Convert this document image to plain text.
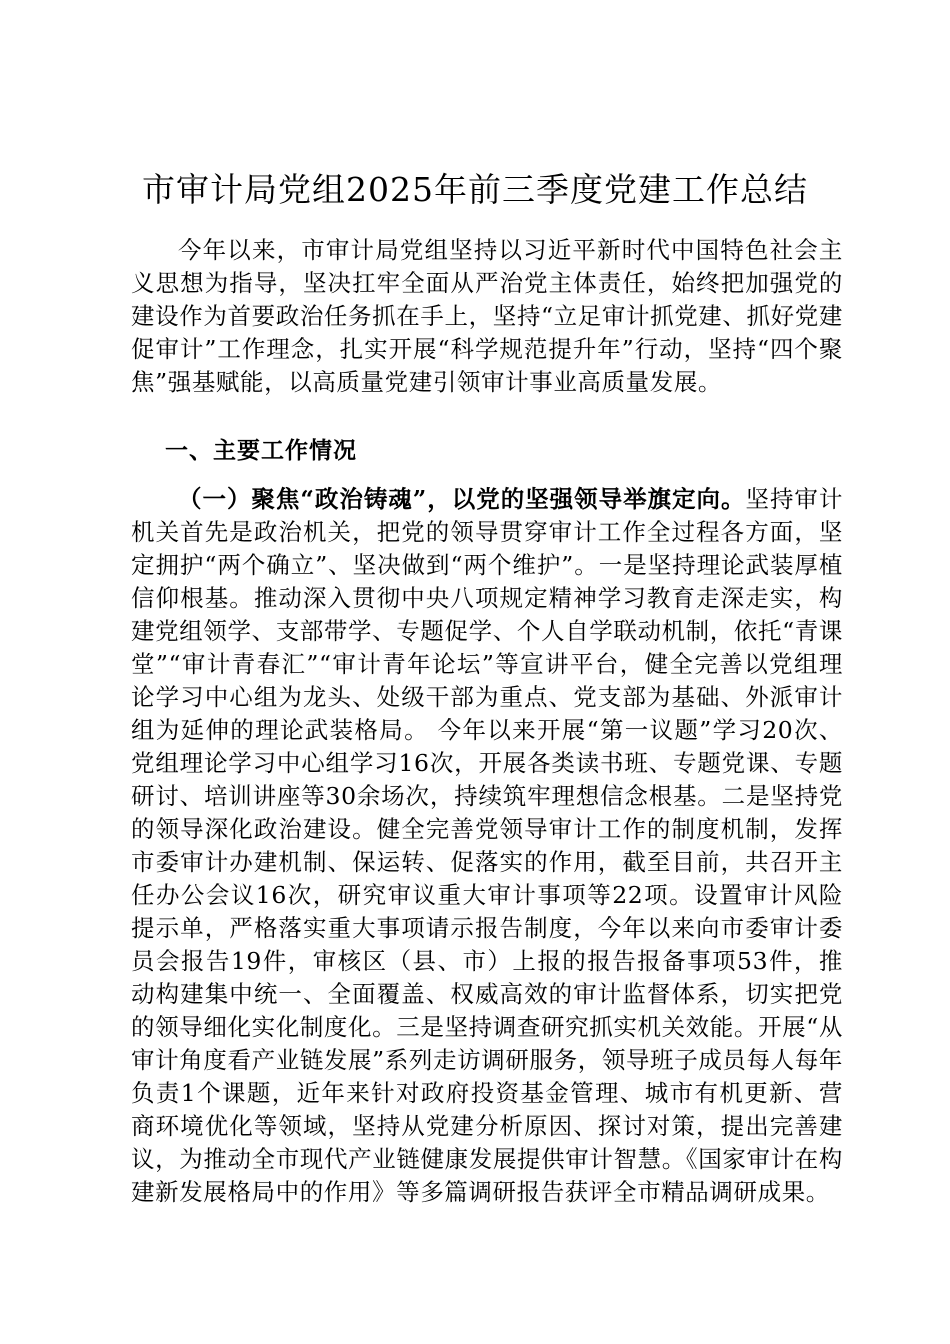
市审计局党组2025年前三季度党建工作总结

今年以来，市审计局党组坚持以习近平新时代中国特色社会主义思想为指导，坚决扛牢全面从严治党主体责任，始终把加强党的建设作为首要政治任务抓在手上，坚持“立足审计抓党建、抓好党建促审计”工作理念，扎实开展“科学规范提升年”行动，坚持“四个聚焦”强基赋能，以高质量党建引领审计事业高质量发展。

一、主要工作情况

（一）聚焦“政治铸魂”，以党的坚强领导举旗定向。坚持审计机关首先是政治机关，把党的领导贯穿审计工作全过程各方面，坚定拥护“两个确立”、坚决做到“两个维护”。一是坚持理论武装厚植信仰根基。推动深入贯彻中央八项规定精神学习教育走深走实，构建党组领学、支部带学、专题促学、个人自学联动机制，依托“青课堂”“审计青春汇”“审计青年论坛”等宣讲平台，健全完善以党组理论学习中心组为龙头、处级干部为重点、党支部为基础、外派审计组为延伸的理论武装格局。 今年以来开展“第一议题”学习20次、党组理论学习中心组学习16次，开展各类读书班、专题党课、专题研讨、培训讲座等30余场次，持续筑牢理想信念根基。二是坚持党的领导深化政治建设。健全完善党领导审计工作的制度机制，发挥市委审计办建机制、保运转、促落实的作用，截至目前，共召开主任办公会议16次，研究审议重大审计事项等22项。设置审计风险提示单，严格落实重大事项请示报告制度，今年以来向市委审计委员会报告19件，审核区（县、市）上报的报告报备事项53件，推动构建集中统一、全面覆盖、权威高效的审计监督体系，切实把党的领导细化实化制度化。三是坚持调查研究抓实机关效能。开展“从审计角度看产业链发展”系列走访调研服务，领导班子成员每人每年负责1个课题，近年来针对政府投资基金管理、城市有机更新、营商环境优化等领域，坚持从党建分析原因、探讨对策，提出完善建议，为推动全市现代产业链健康发展提供审计智慧。《国家审计在构建新发展格局中的作用》等多篇调研报告获评全市精品调研成果。
